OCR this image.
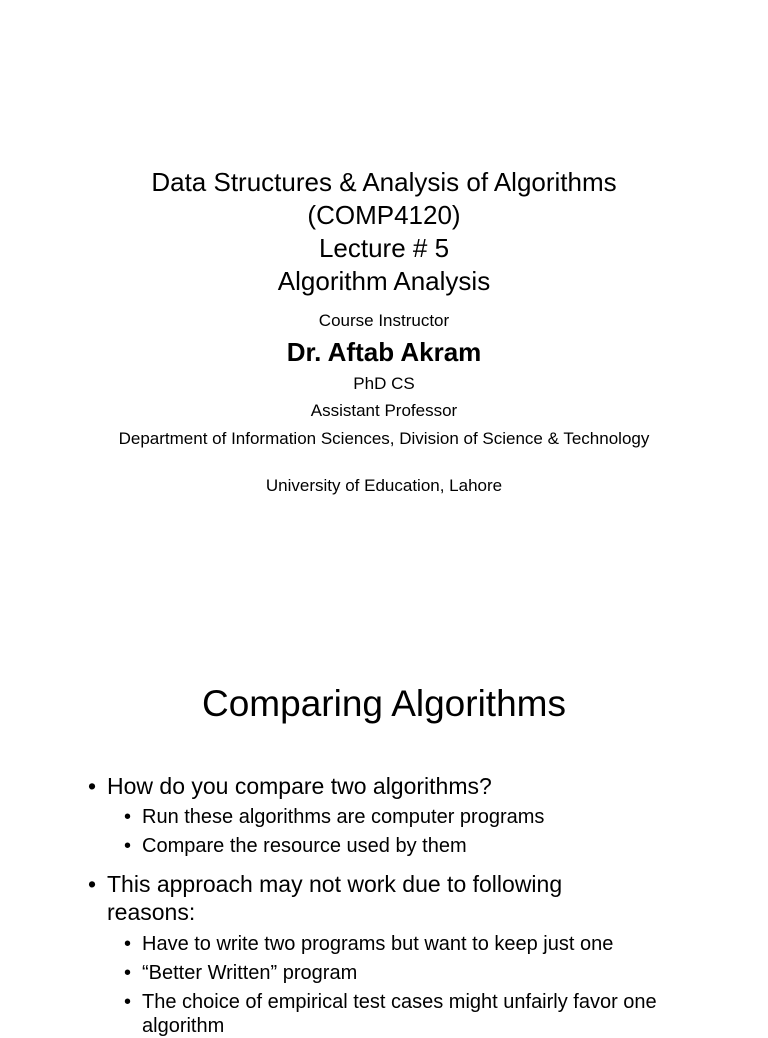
Data Structures & Analysis of Algorithms
(COMP4120)
Lecture # 5
Algorithm Analysis
Course Instructor
Dr. Aftab Akram
PhD CS
Assistant Professor
Department of Information Sciences, Division of Science & Technology
University of Education, Lahore
Comparing Algorithms
• How do you compare two algorithms?
• Run these algorithms are computer programs
• Compare the resource used by them
• This approach may not work due to following reasons:
• Have to write two programs but want to keep just one
• “Better Written” program
• The choice of empirical test cases might unfairly favor one algorithm
